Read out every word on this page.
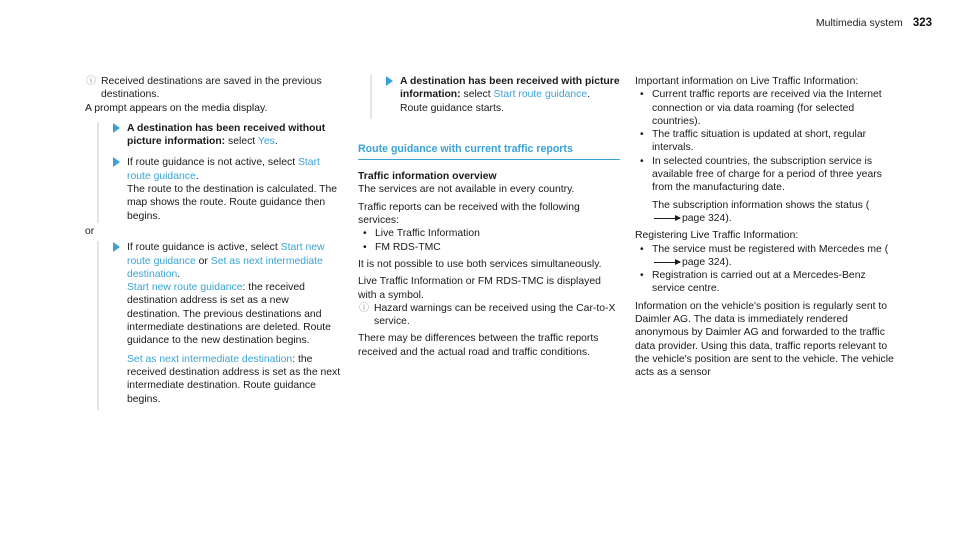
Multimedia system 323
ⓘ Received destinations are saved in the previous destinations.
A prompt appears on the media display.
A destination has been received without picture information: select Yes.
If route guidance is not active, select Start route guidance.
The route to the destination is calculated. The map shows the route. Route guidance then begins.
or
If route guidance is active, select Start new route guidance or Set as next intermediate destination.
Start new route guidance: the received destination address is set as a new destination. The previous destinations and intermediate destinations are deleted. Route guidance to the new destination begins.
Set as next intermediate destination: the received destination address is set as the next intermediate destination. Route guidance begins.
A destination has been received with picture information: select Start route guidance.
Route guidance starts.
Route guidance with current traffic reports
Traffic information overview
The services are not available in every country.
Traffic reports can be received with the following services:
• Live Traffic Information
• FM RDS-TMC
It is not possible to use both services simultaneously.
Live Traffic Information or FM RDS-TMC is displayed with a symbol.
ⓘ Hazard warnings can be received using the Car-to-X service.
There may be differences between the traffic reports received and the actual road and traffic conditions.
Important information on Live Traffic Information:
• Current traffic reports are received via the Internet connection or via data roaming (for selected countries).
• The traffic situation is updated at short, regular intervals.
• In selected countries, the subscription service is available free of charge for a period of three years from the manufacturing date.
The subscription information shows the status (page 324).
Registering Live Traffic Information:
• The service must be registered with Mercedes me (page 324).
• Registration is carried out at a Mercedes-Benz service centre.
Information on the vehicle's position is regularly sent to Daimler AG. The data is immediately rendered anonymous by Daimler AG and forwarded to the traffic data provider. Using this data, traffic reports relevant to the vehicle's position are sent to the vehicle. The vehicle acts as a sensor
